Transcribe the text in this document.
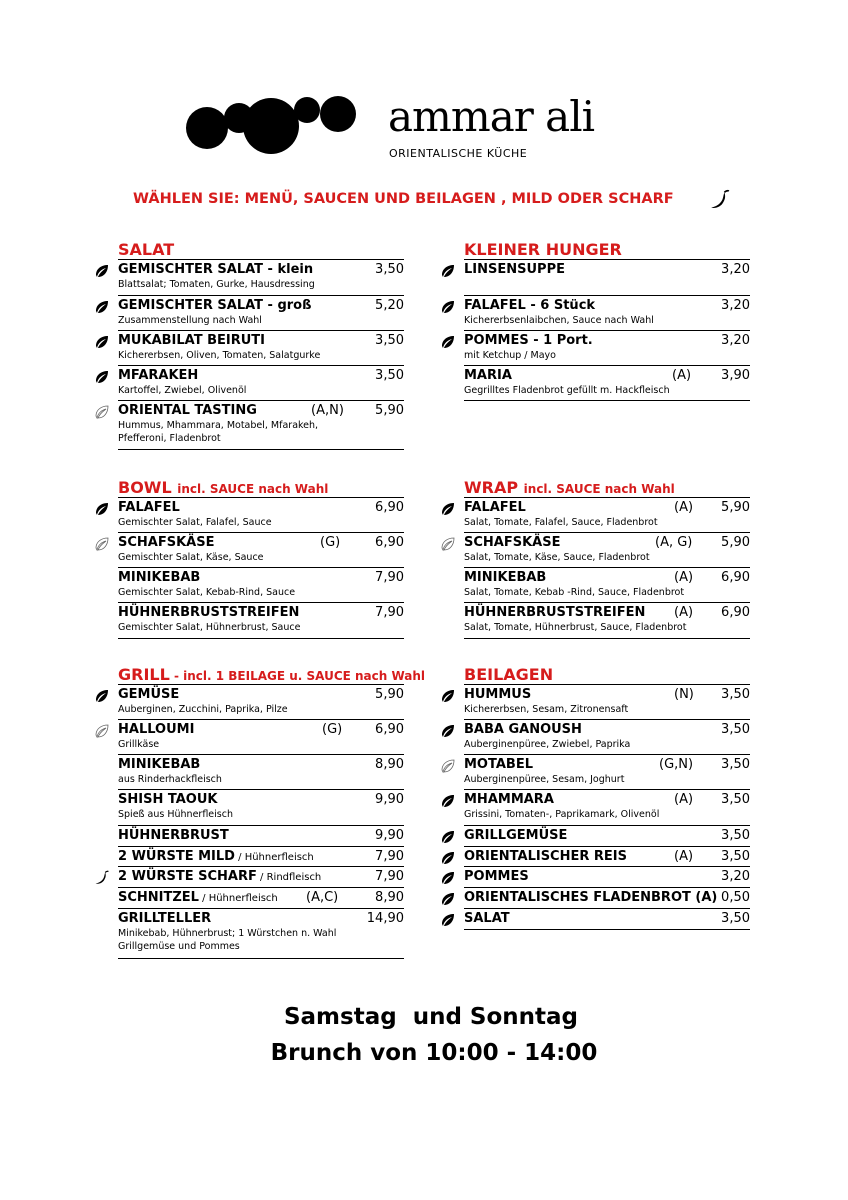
ammar ali
ORIENTALISCHE KÜCHE
WÄHLEN SIE: MENÜ, SAUCEN UND BEILAGEN , MILD ODER SCHARF
SALAT
GEMISCHTER SALAT - klein	3,50
Blattsalat; Tomaten, Gurke, Hausdressing
GEMISCHTER SALAT - groß	5,20
Zusammenstellung nach Wahl
MUKABILAT BEIRUTI	3,50
Kichererbsen, Oliven, Tomaten, Salatgurke
MFARAKEH	3,50
Kartoffel, Zwiebel, Olivenöl
ORIENTAL TASTING	(A,N) 5,90
Hummus, Mhammara, Motabel, Mfarakeh,
Pfefferoni, Fladenbrot
KLEINER HUNGER
LINSENSUPPE	3,20
FALAFEL - 6 Stück	3,20
Kichererbsenlaibchen, Sauce nach Wahl
POMMES - 1 Port.	3,20
mit Ketchup / Mayo
MARIA	(A) 3,90
Gegrilltes Fladenbrot gefüllt m. Hackfleisch
BOWL incl. SAUCE nach Wahl
FALAFEL	6,90
Gemischter Salat, Falafel, Sauce
SCHAFSKÄSE	(G)	6,90
Gemischter Salat, Käse, Sauce
MINIKEBAB	7,90
Gemischter Salat, Kebab-Rind, Sauce
HÜHNERBRUSTSTREIFEN	7,90
Gemischter Salat, Hühnerbrust, Sauce
WRAP incl. SAUCE nach Wahl
FALAFEL	(A) 5,90
Salat, Tomate, Falafel, Sauce, Fladenbrot
SCHAFSKÄSE	(A, G) 5,90
Salat, Tomate, Käse, Sauce, Fladenbrot
MINIKEBAB	(A) 6,90
Salat, Tomate, Kebab -Rind, Sauce, Fladenbrot
HÜHNERBRUSTSTREIFEN (A) 6,90
Salat, Tomate, Hühnerbrust, Sauce, Fladenbrot
GRILL - incl. 1 BEILAGE u. SAUCE nach Wahl
GEMÜSE	5,90
Auberginen, Zucchini, Paprika, Pilze
HALLOUMI	(G)	6,90
Grillkäse
MINIKEBAB	8,90
aus Rinderhackfleisch
SHISH TAOUK	9,90
Spieß aus Hühnerfleisch
HÜHNERBRUST	9,90
2 WÜRSTE MILD / Hühnerfleisch	7,90
2 WÜRSTE SCHARF / Rindfleisch	7,90
SCHNITZEL / Hühnerfleisch (A,C)	8,90
GRILLTELLER	14,90
Minikebab, Hühnerbrust; 1 Würstchen n. Wahl
Grillgemüse und Pommes
BEILAGEN
HUMMUS	(N) 3,50
Kichererbsen, Sesam, Zitronensaft
BABA GANOUSH	3,50
Auberginenpüree, Zwiebel, Paprika
MOTABEL	(G,N) 3,50
Auberginenpüree, Sesam, Joghurt
MHAMMARA	(A) 3,50
Grissini, Tomaten-, Paprikamark, Olivenöl
GRILLGEMÜSE	3,50
ORIENTALISCHER REIS	(A) 3,50
POMMES	3,20
ORIENTALISCHES FLADENBROT (A) 0,50
SALAT	3,50
Samstag  und Sonntag
Brunch von 10:00 - 14:00
